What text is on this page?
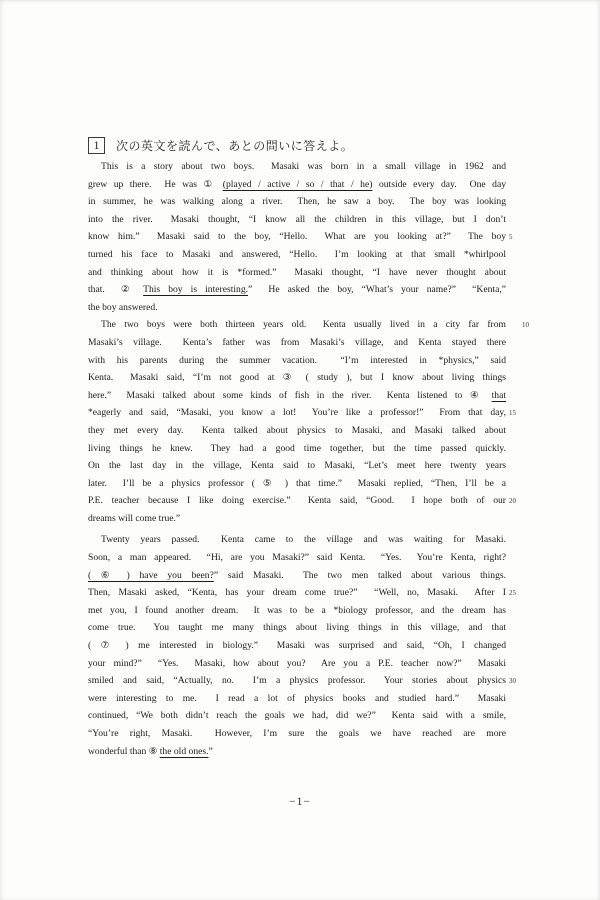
1	次の英文を読んで、あとの問いに答えよ。
This is a story about two boys.  Masaki was born in a small village in 1962 and
grew up there.  He was ① (played / active / so / that / he) outside every day.  One day
in summer, he was walking along a river.  Then, he saw a boy.  The boy was looking
into the river.  Masaki thought, “I know all the children in this village, but I don’t
know him.”  Masaki said to the boy, “Hello.  What are you looking at?”  The boy 5
turned his face to Masaki and answered, “Hello.  I’m looking at that small *whirlpool
and thinking about how it is *formed.”  Masaki thought, “I have never thought about
that.  ② This boy is interesting.”  He asked the boy, “What’s your name?”  “Kenta,”
the boy answered.
The two boys were both thirteen years old.  Kenta usually lived in a city far from	10
Masaki’s village.  Kenta’s father was from Masaki’s village, and Kenta stayed there
with his parents during the summer vacation.  “I’m interested in *physics,” said
Kenta.  Masaki said, “I’m not good at ③ ( study ), but I know about living things
here.”  Masaki talked about some kinds of fish in the river.  Kenta listened to ④ that
*eagerly and said, “Masaki, you know a lot!  You’re like a professor!”  From that day, 15
they met every day.  Kenta talked about physics to Masaki, and Masaki talked about
living things he knew.  They had a good time together, but the time passed quickly.
On the last day in the village, Kenta said to Masaki, “Let’s meet here twenty years
later.  I’ll be a physics professor ( ⑤ ) that time.”  Masaki replied, “Then, I’ll be a
P.E. teacher because I like doing exercise.”  Kenta said, “Good.  I hope both of our 20
dreams will come true.”
Twenty years passed.  Kenta came to the village and was waiting for Masaki.
Soon, a man appeared.  “Hi, are you Masaki?” said Kenta.  “Yes.  You’re Kenta, right?
( ⑥ ) have you been?” said Masaki.  The two men talked about various things.
Then, Masaki asked, “Kenta, has your dream come true?”  “Well, no, Masaki.  After I 25
met you, I found another dream.  It was to be a *biology professor, and the dream has
come true.  You taught me many things about living things in this village, and that
( ⑦ ) me interested in biology.”  Masaki was surprised and said, “Oh, I changed
your mind?”  “Yes.  Masaki, how about you?  Are you a P.E. teacher now?”  Masaki
smiled and said, “Actually, no.  I’m a physics professor.  Your stories about physics 30
were interesting to me.  I read a lot of physics books and studied hard.”  Masaki
continued, “We both didn’t reach the goals we had, did we?”  Kenta said with a smile,
“You’re right, Masaki.  However, I’m sure the goals we have reached are more
wonderful than ⑧ the old ones.”
−1−
